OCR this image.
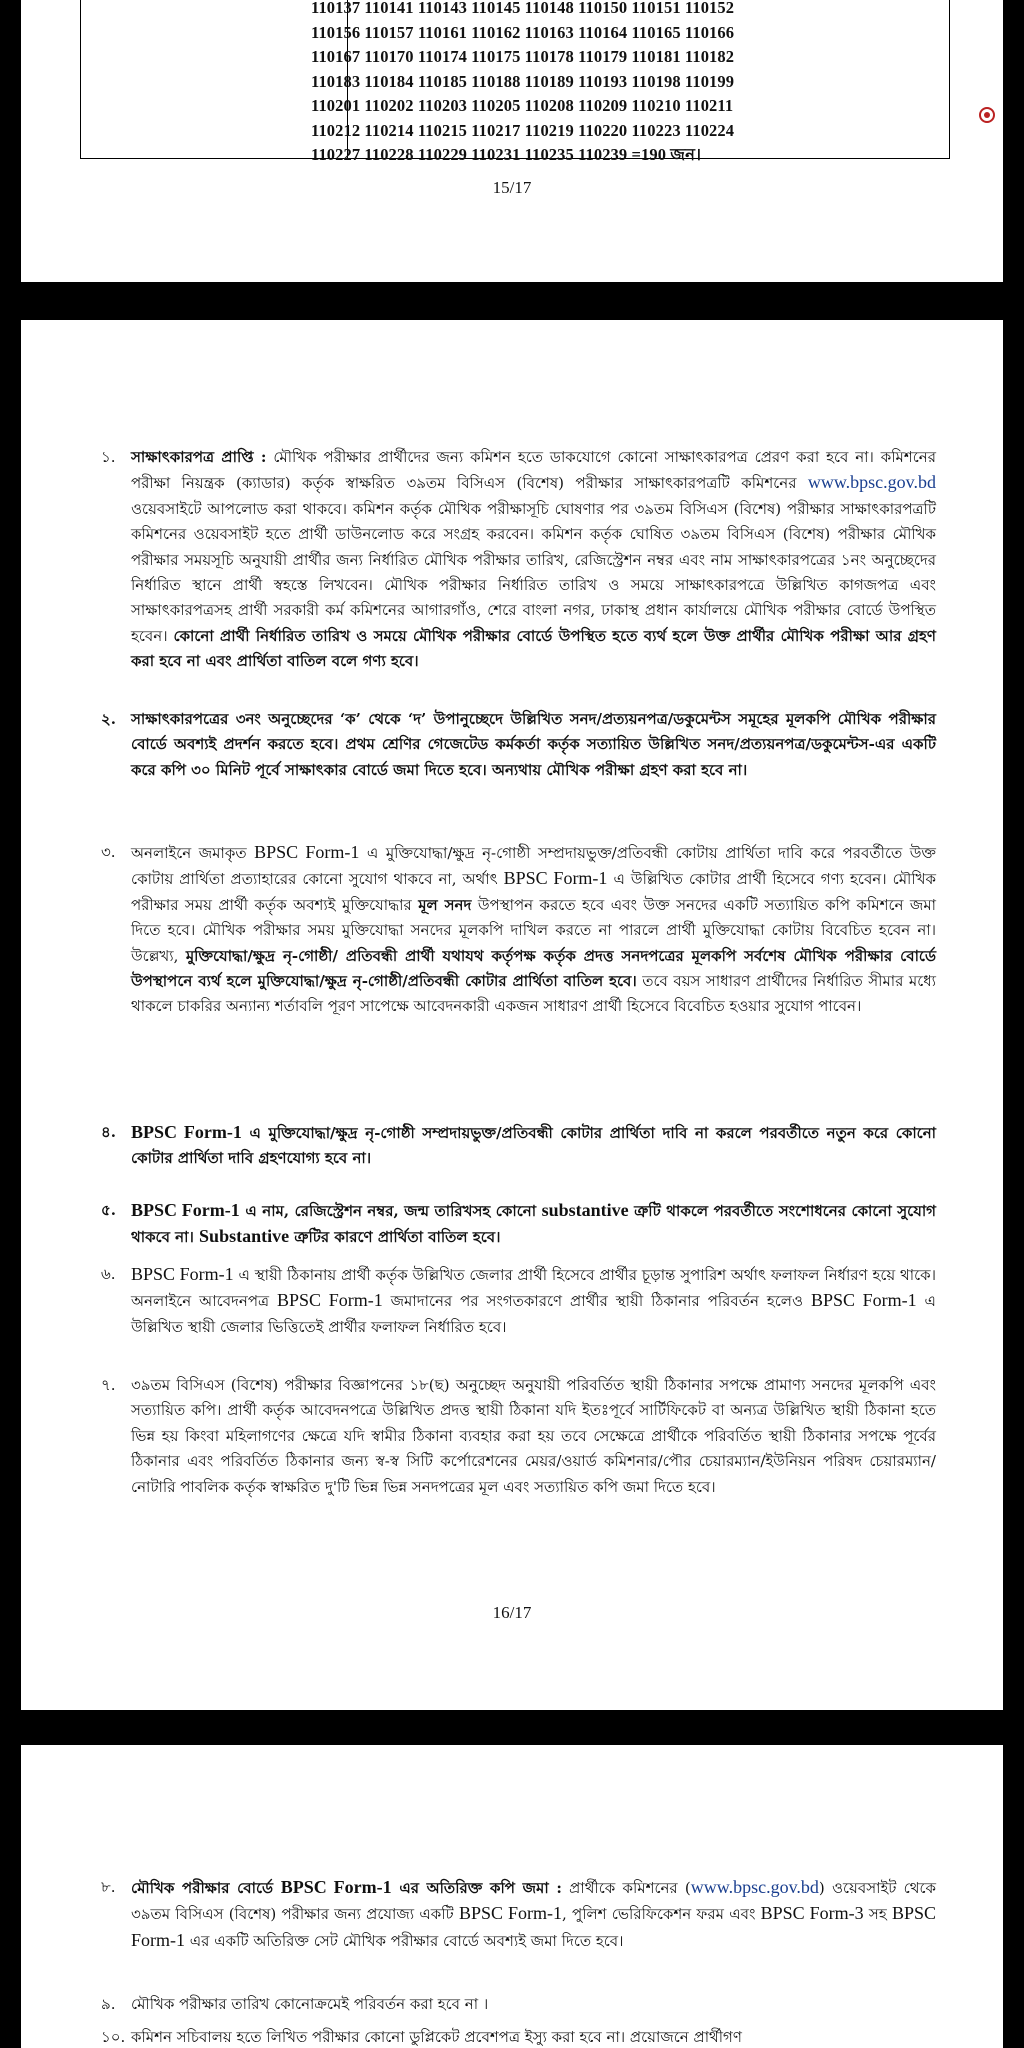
110137 110141 110143 110145 110148 110150 110151 110152
110156 110157 110161 110162 110163 110164 110165 110166
110167 110170 110174 110175 110178 110179 110181 110182
110183 110184 110185 110188 110189 110193 110198 110199
110201 110202 110203 110205 110208 110209 110210 110211
110212 110214 110215 110217 110219 110220 110223 110224
110227 110228 110229 110231 110235 110239 =190 জন।
15/17
১. সাক্ষাৎকারপত্র প্রাপ্তি : মৌখিক পরীক্ষার প্রার্থীদের জন্য কমিশন হতে ডাকযোগে কোনো সাক্ষাৎকারপত্র প্রেরণ করা হবে না। কমিশনের পরীক্ষা নিয়ন্ত্রক (ক্যাডার) কর্তৃক স্বাক্ষরিত ৩৯তম বিসিএস (বিশেষ) পরীক্ষার সাক্ষাৎকারপত্রটি কমিশনের www.bpsc.gov.bd ওয়েবসাইটে আপলোড করা থাকবে। কমিশন কর্তৃক মৌখিক পরীক্ষাসূচি ঘোষণার পর ৩৯তম বিসিএস (বিশেষ) পরীক্ষার সাক্ষাৎকারপত্রটি কমিশনের ওয়েবসাইট হতে প্রার্থী ডাউনলোড করে সংগ্রহ করবেন। কমিশন কর্তৃক ঘোষিত ৩৯তম বিসিএস (বিশেষ) পরীক্ষার মৌখিক পরীক্ষার সময়সূচি অনুযায়ী প্রার্থীর জন্য নির্ধারিত মৌখিক পরীক্ষার তারিখ, রেজিস্ট্রেশন নম্বর এবং নাম সাক্ষাৎকারপত্রের ১নং অনুচ্ছেদের নির্ধারিত স্থানে প্রার্থী স্বহস্তে লিখবেন। মৌখিক পরীক্ষার নির্ধারিত তারিখ ও সময়ে সাক্ষাৎকারপত্রে উল্লিখিত কাগজপত্র এবং সাক্ষাৎকারপত্রসহ প্রার্থী সরকারী কর্ম কমিশনের আগারগাঁও, শেরে বাংলা নগর, ঢাকাস্থ প্রধান কার্যালয়ে মৌখিক পরীক্ষার বোর্ডে উপস্থিত হবেন। কোনো প্রার্থী নির্ধারিত তারিখ ও সময়ে মৌখিক পরীক্ষার বোর্ডে উপস্থিত হতে ব্যর্থ হলে উক্ত প্রার্থীর মৌখিক পরীক্ষা আর গ্রহণ করা হবে না এবং প্রার্থিতা বাতিল বলে গণ্য হবে।
২. সাক্ষাৎকারপত্রের ৩নং অনুচ্ছেদের ‘ক’ থেকে ‘দ’ উপানুচ্ছেদে উল্লিখিত সনদ/প্রত্যয়নপত্র/ডকুমেন্টস সমূহের মূলকপি মৌখিক পরীক্ষার বোর্ডে অবশ্যই প্রদর্শন করতে হবে। প্রথম শ্রেণির গেজেটেড কর্মকর্তা কর্তৃক সত্যায়িত উল্লিখিত সনদ/প্রত্যয়নপত্র/ডকুমেন্টস-এর একটি করে কপি ৩০ মিনিট পূর্বে সাক্ষাৎকার বোর্ডে জমা দিতে হবে। অন্যথায় মৌখিক পরীক্ষা গ্রহণ করা হবে না।
৩. অনলাইনে জমাকৃত BPSC Form-1 এ মুক্তিযোদ্ধা/ক্ষুদ্র নৃ-গোষ্ঠী সম্প্রদায়ভুক্ত/প্রতিবন্ধী কোটায় প্রার্থিতা দাবি করে পরবর্তীতে উক্ত কোটায় প্রার্থিতা প্রত্যাহারের কোনো সুযোগ থাকবে না, অর্থাৎ BPSC Form-1 এ উল্লিখিত কোটার প্রার্থী হিসেবে গণ্য হবেন। মৌখিক পরীক্ষার সময় প্রার্থী কর্তৃক অবশ্যই মুক্তিযোদ্ধার মূল সনদ উপস্থাপন করতে হবে এবং উক্ত সনদের একটি সত্যায়িত কপি কমিশনে জমা দিতে হবে। মৌখিক পরীক্ষার সময় মুক্তিযোদ্ধা সনদের মূলকপি দাখিল করতে না পারলে প্রার্থী মুক্তিযোদ্ধা কোটায় বিবেচিত হবেন না। উল্লেখ্য, মুক্তিযোদ্ধা/ক্ষুদ্র নৃ-গোষ্ঠী/ প্রতিবন্ধী প্রার্থী যথাযথ কর্তৃপক্ষ কর্তৃক প্রদত্ত সনদপত্রের মূলকপি সর্বশেষ মৌখিক পরীক্ষার বোর্ডে উপস্থাপনে ব্যর্থ হলে মুক্তিযোদ্ধা/ক্ষুদ্র নৃ-গোষ্ঠী/প্রতিবন্ধী কোটার প্রার্থিতা বাতিল হবে। তবে বয়স সাধারণ প্রার্থীদের নির্ধারিত সীমার মধ্যে থাকলে চাকরির অন্যান্য শর্তাবলি পূরণ সাপেক্ষে আবেদনকারী একজন সাধারণ প্রার্থী হিসেবে বিবেচিত হওয়ার সুযোগ পাবেন।
৪. BPSC Form-1 এ মুক্তিযোদ্ধা/ক্ষুদ্র নৃ-গোষ্ঠী সম্প্রদায়ভুক্ত/প্রতিবন্ধী কোটার প্রার্থিতা দাবি না করলে পরবর্তীতে নতুন করে কোনো কোটার প্রার্থিতা দাবি গ্রহণযোগ্য হবে না।
৫. BPSC Form-1 এ নাম, রেজিস্ট্রেশন নম্বর, জন্ম তারিখসহ কোনো substantive ত্রুটি থাকলে পরবর্তীতে সংশোধনের কোনো সুযোগ থাকবে না। Substantive ত্রুটির কারণে প্রার্থিতা বাতিল হবে।
৬. BPSC Form-1 এ স্থায়ী ঠিকানায় প্রার্থী কর্তৃক উল্লিখিত জেলার প্রার্থী হিসেবে প্রার্থীর চূড়ান্ত সুপারিশ অর্থাৎ ফলাফল নির্ধারণ হয়ে থাকে। অনলাইনে আবেদনপত্র BPSC Form-1 জমাদানের পর সংগতকারণে প্রার্থীর স্থায়ী ঠিকানার পরিবর্তন হলেও BPSC Form-1 এ উল্লিখিত স্থায়ী জেলার ভিত্তিতেই প্রার্থীর ফলাফল নির্ধারিত হবে।
৭. ৩৯তম বিসিএস (বিশেষ) পরীক্ষার বিজ্ঞাপনের ১৮(ছ) অনুচ্ছেদ অনুযায়ী পরিবর্তিত স্থায়ী ঠিকানার সপক্ষে প্রামাণ্য সনদের মূলকপি এবং সত্যায়িত কপি। প্রার্থী কর্তৃক আবেদনপত্রে উল্লিখিত প্রদত্ত স্থায়ী ঠিকানা যদি ইতঃপূর্বে সার্টিফিকেট বা অন্যত্র উল্লিখিত স্থায়ী ঠিকানা হতে ভিন্ন হয় কিংবা মহিলাগণের ক্ষেত্রে যদি স্বামীর ঠিকানা ব্যবহার করা হয় তবে সেক্ষেত্রে প্রার্থীকে পরিবর্তিত স্থায়ী ঠিকানার সপক্ষে পূর্বের ঠিকানার এবং পরিবর্তিত ঠিকানার জন্য স্ব-স্ব সিটি কর্পোরেশনের মেয়র/ওয়ার্ড কমিশনার/পৌর চেয়ারম্যান/ইউনিয়ন পরিষদ চেয়ারম্যান/ নোটারি পাবলিক কর্তৃক স্বাক্ষরিত দু'টি ভিন্ন ভিন্ন সনদপত্রের মূল এবং সত্যায়িত কপি জমা দিতে হবে।
16/17
৮. মৌখিক পরীক্ষার বোর্ডে BPSC Form-1 এর অতিরিক্ত কপি জমা : প্রার্থীকে কমিশনের (www.bpsc.gov.bd) ওয়েবসাইট থেকে ৩৯তম বিসিএস (বিশেষ) পরীক্ষার জন্য প্রযোজ্য একটি BPSC Form-1, পুলিশ ভেরিফিকেশন ফরম এবং BPSC Form-3 সহ BPSC Form-1 এর একটি অতিরিক্ত সেট মৌখিক পরীক্ষার বোর্ডে অবশ্যই জমা দিতে হবে।
৯. মৌখিক পরীক্ষার তারিখ কোনোক্রমেই পরিবর্তন করা হবে না ।
১০. কমিশন সচিবালয় হতে লিখিত পরীক্ষার কোনো ডুপ্লিকেট প্রবেশপত্র ইস্যু করা হবে না। প্রয়োজনে প্রার্থীগণ
